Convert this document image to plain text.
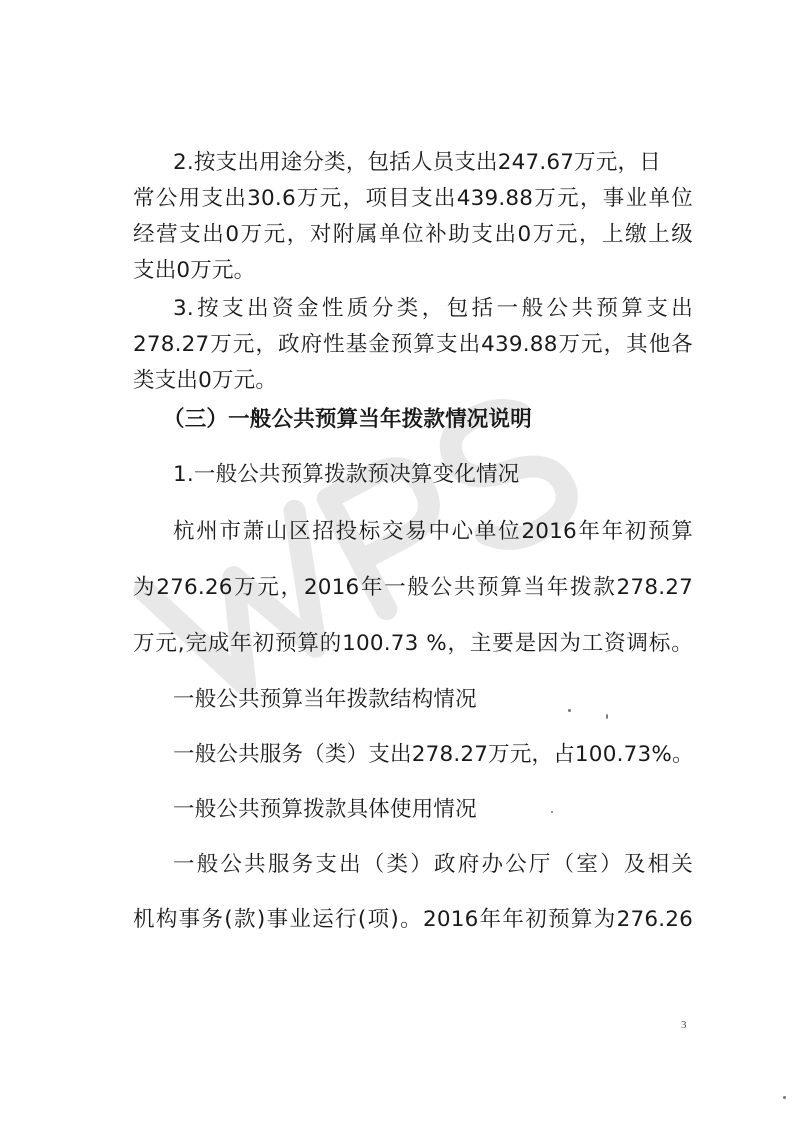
2.按支出用途分类，包括人员支出247.67万元，日
常公用支出30.6万元，项目支出439.88万元，事业单位
经营支出0万元，对附属单位补助支出0万元，上缴上级
支出0万元。
3.按支出资金性质分类，包括一般公共预算支出
278.27万元，政府性基金预算支出439.88万元，其他各
类支出0万元。
（三）一般公共预算当年拨款情况说明
1.一般公共预算拨款预决算变化情况
杭州市萧山区招投标交易中心单位2016年年初预算
为276.26万元，2016年一般公共预算当年拨款278.27
万元,完成年初预算的100.73 %，主要是因为工资调标。
一般公共预算当年拨款结构情况
一般公共服务（类）支出278.27万元，占100.73%。
一般公共预算拨款具体使用情况
一般公共服务支出（类）政府办公厅（室）及相关
机构事务(款)事业运行(项)。2016年年初预算为276.26
3
